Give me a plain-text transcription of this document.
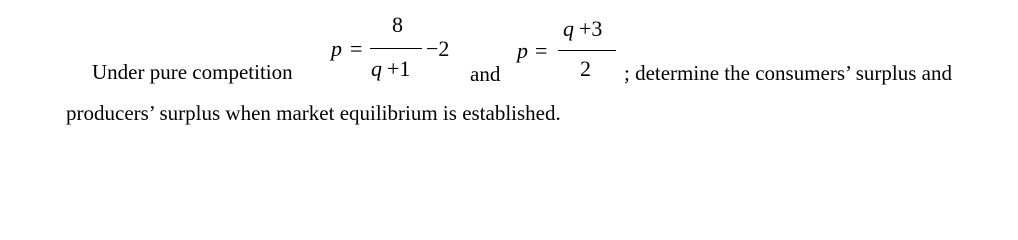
Under pure competition
p =
8
q +1
−2
and
p =
q +3
2 ; determine the consumers’ surplus and
producers’ surplus when market equilibrium is established.
